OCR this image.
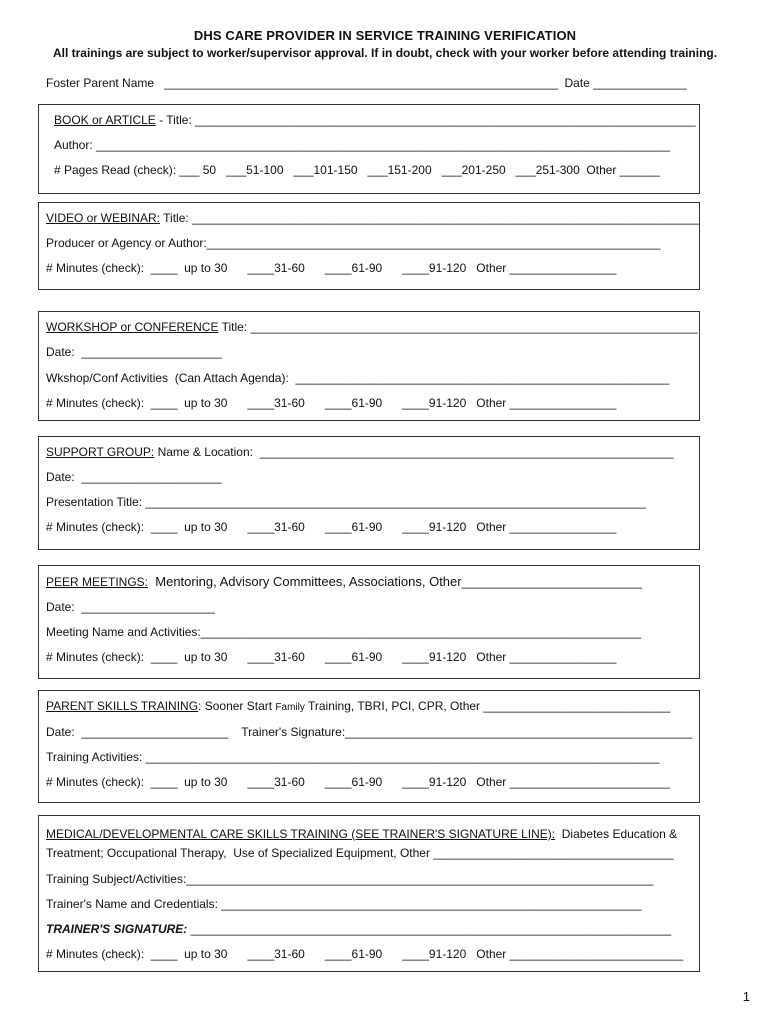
DHS CARE PROVIDER IN SERVICE TRAINING VERIFICATION
All trainings are subject to worker/supervisor approval. If in doubt, check with your worker before attending training.
Foster Parent Name ___________________________________________________________ Date ______________
BOOK or ARTICLE - Title: ___________________________________________________________________________
Author: ______________________________________________________________________________________
# Pages Read (check): ___ 50   ___51-100   ___101-150   ___151-200   ___201-250   ___251-300  Other ______
VIDEO or WEBINAR: Title: ____________________________________________________________________________
Producer or Agency or Author:____________________________________________________________________
# Minutes (check):  ____  up to 30      ____31-60      ____61-90      ____91-120   Other ________________
WORKSHOP or CONFERENCE Title: ___________________________________________________________________
Date:  _____________________
Wkshop/Conf Activities  (Can Attach Agenda):  ________________________________________________________
# Minutes (check):  ____  up to 30      ____31-60      ____61-90      ____91-120   Other ________________
SUPPORT GROUP: Name & Location:  ______________________________________________________________
Date:  _____________________
Presentation Title: ___________________________________________________________________________
# Minutes (check):  ____  up to 30      ____31-60      ____61-90      ____91-120   Other ________________
PEER MEETINGS:  Mentoring, Advisory Committees, Associations, Other___________________________
Date:  ____________________
Meeting Name and Activities:__________________________________________________________________
# Minutes (check):  ____  up to 30      ____31-60      ____61-90      ____91-120   Other ________________
PARENT SKILLS TRAINING: Sooner Start Family Training, TBRI, PCI, CPR, Other ____________________________
Date:  ______________________    Trainer's Signature:____________________________________________________
Training Activities: _____________________________________________________________________________
# Minutes (check):  ____  up to 30      ____31-60      ____61-90      ____91-120   Other ________________________
MEDICAL/DEVELOPMENTAL CARE SKILLS TRAINING (SEE TRAINER'S SIGNATURE LINE):  Diabetes Education &
Treatment; Occupational Therapy,  Use of Specialized Equipment, Other ____________________________________
Training Subject/Activities:______________________________________________________________________
Trainer's Name and Credentials: _______________________________________________________________
TRAINER'S SIGNATURE: ________________________________________________________________________
# Minutes (check):  ____  up to 30      ____31-60      ____61-90      ____91-120   Other __________________________
1
